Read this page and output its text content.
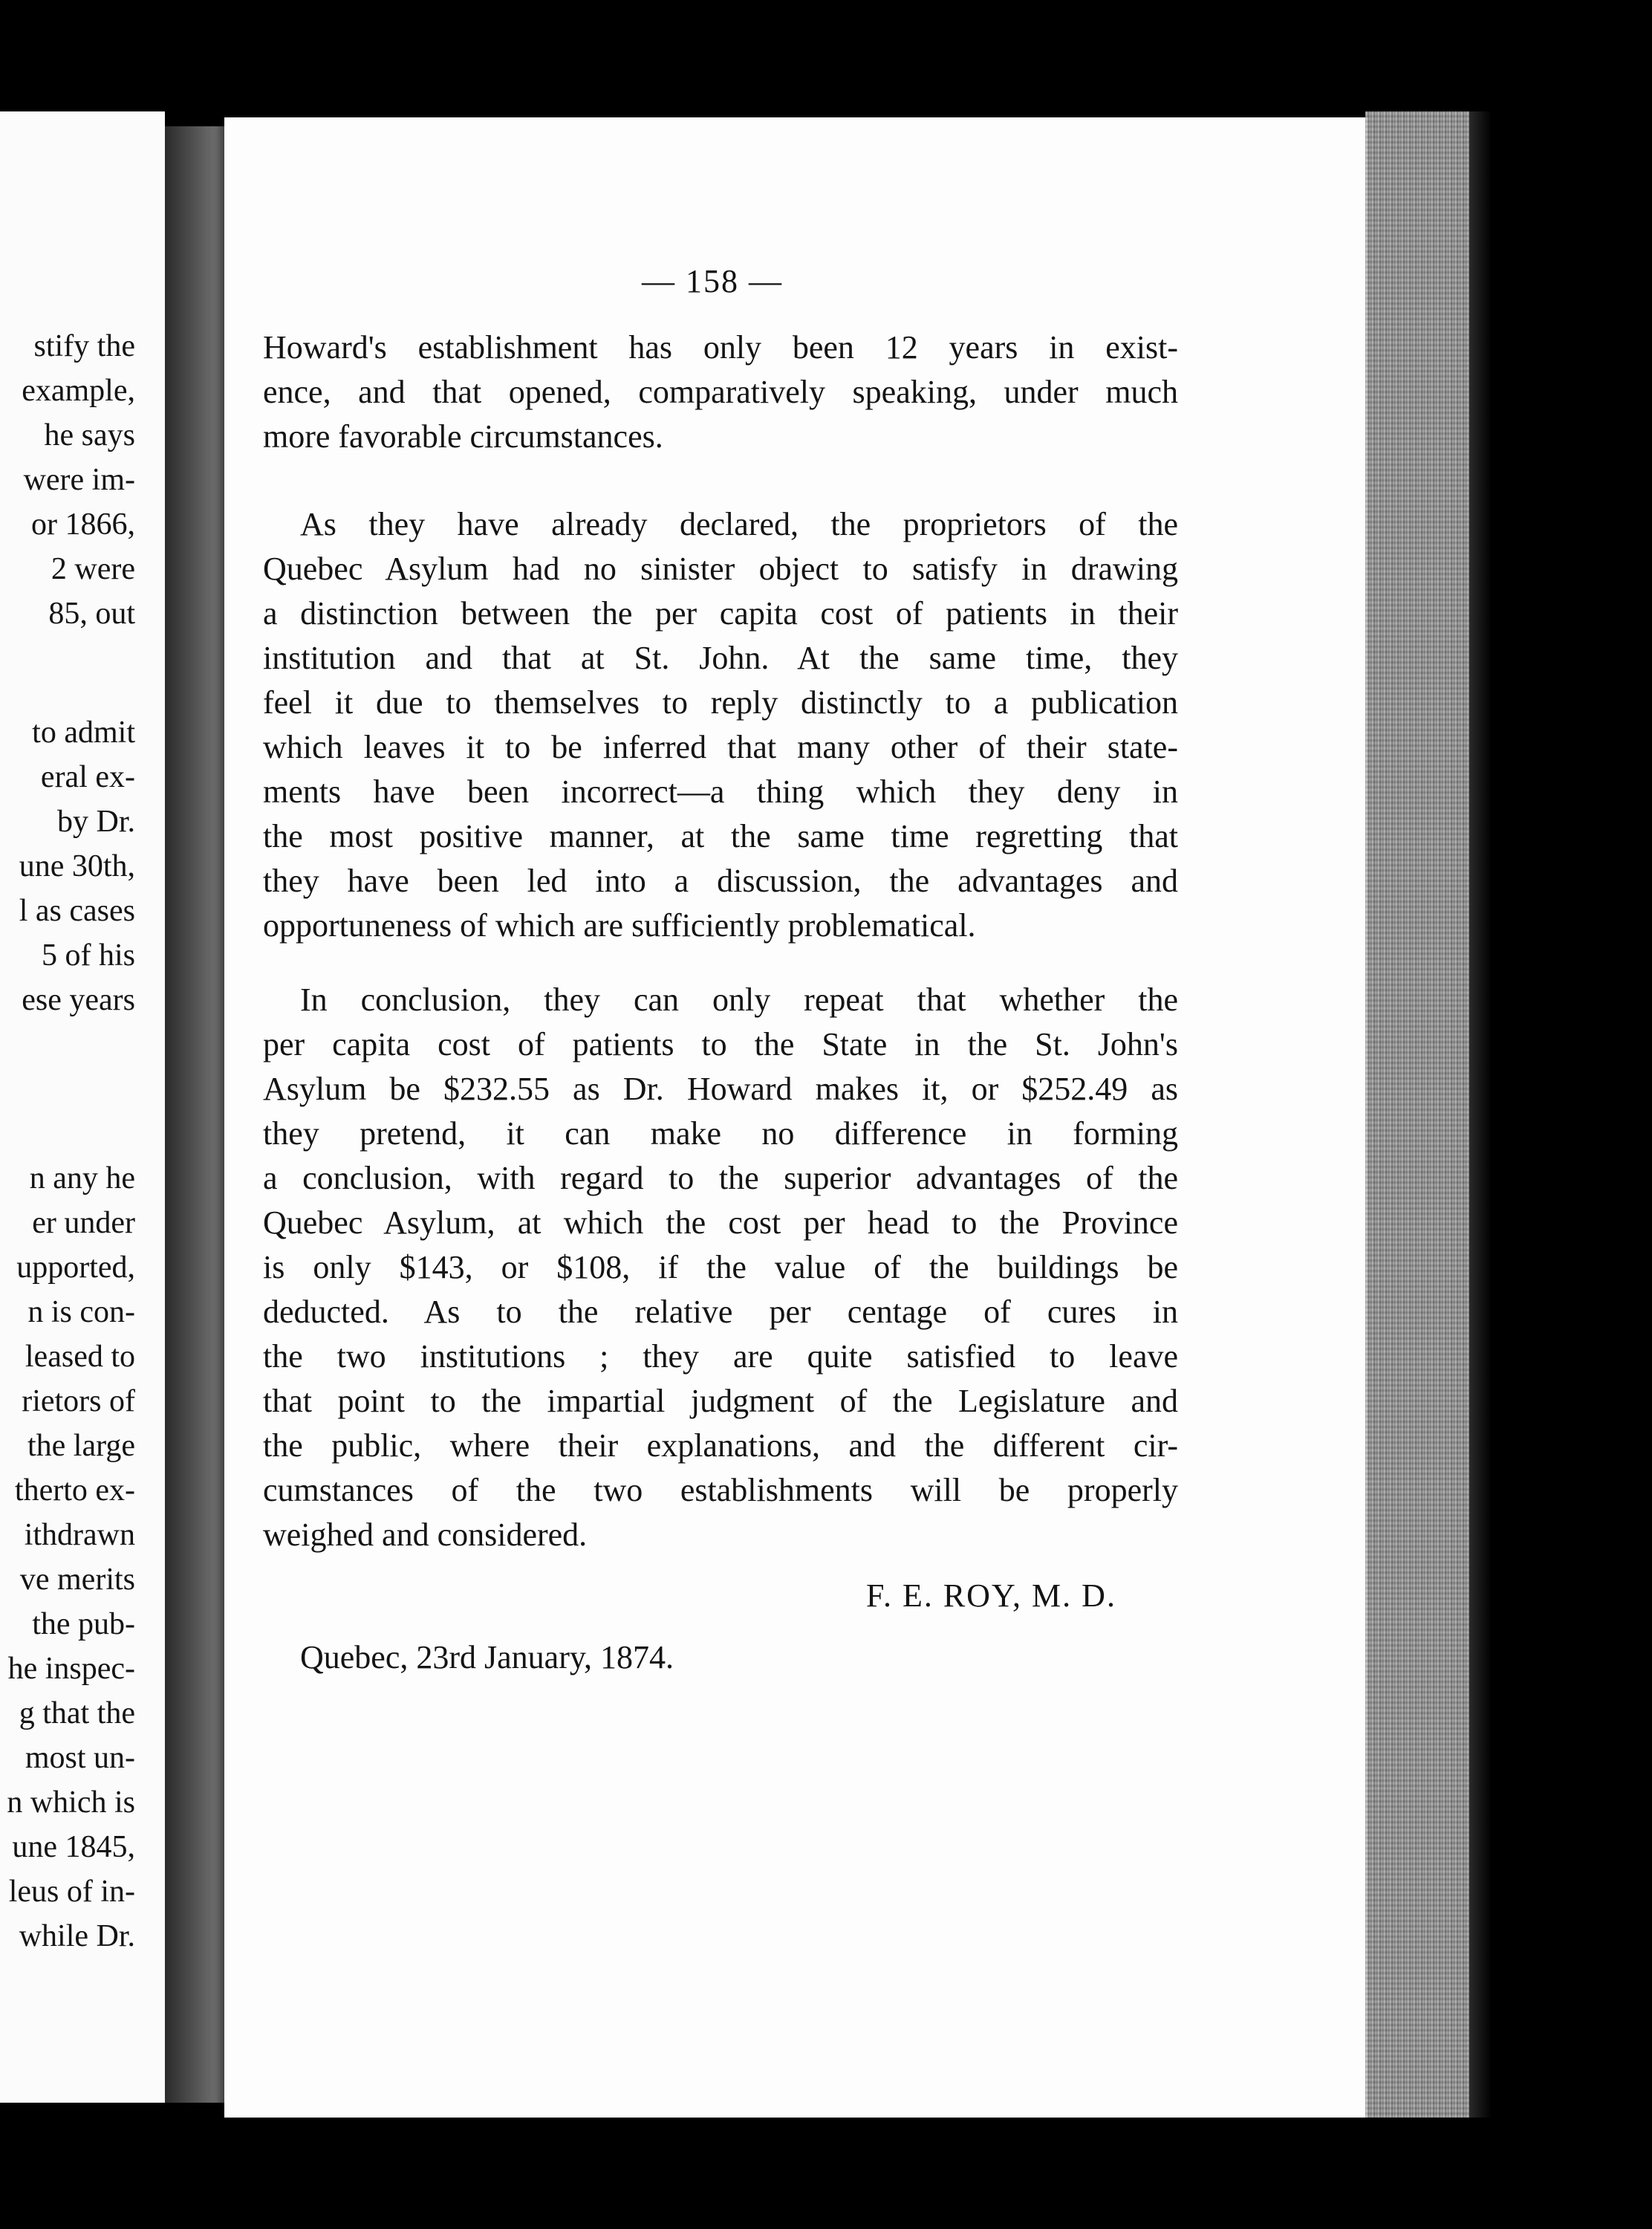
stify the
example,
he says
were im-
or 1866,
2 were
85, out
to admit
eral ex-
by Dr.
une 30th,
l as cases
5 of his
ese years
n any he
er under
upported,
n is con-
leased to
rietors of
the large
therto ex-
ithdrawn
ve merits
the pub-
he inspec-
g that the
most un-
n which is
une 1845,
leus of in-
while Dr.
— 158 —
Howard's establishment has only been 12 years in exist-
ence, and that opened, comparatively speaking, under much
more favorable circumstances.
As they have already declared, the proprietors of the
Quebec Asylum had no sinister object to satisfy in drawing
a distinction between the per capita cost of patients in their
institution and that at St. John. At the same time, they
feel it due to themselves to reply distinctly to a publication
which leaves it to be inferred that many other of their state-
ments have been incorrect—a thing which they deny in
the most positive manner, at the same time regretting that
they have been led into a discussion, the advantages and
opportuneness of which are sufficiently problematical.
In conclusion, they can only repeat that whether the
per capita cost of patients to the State in the St. John's
Asylum be $232.55 as Dr. Howard makes it, or $252.49 as
they pretend, it can make no difference in forming
a conclusion, with regard to the superior advantages of the
Quebec Asylum, at which the cost per head to the Province
is only $143, or $108, if the value of the buildings be
deducted. As to the relative per centage of cures in
the two institutions ; they are quite satisfied to leave
that point to the impartial judgment of the Legislature and
the public, where their explanations, and the different cir-
cumstances of the two establishments will be properly
weighed and considered.
F. E. ROY, M. D.
Quebec, 23rd January, 1874.
